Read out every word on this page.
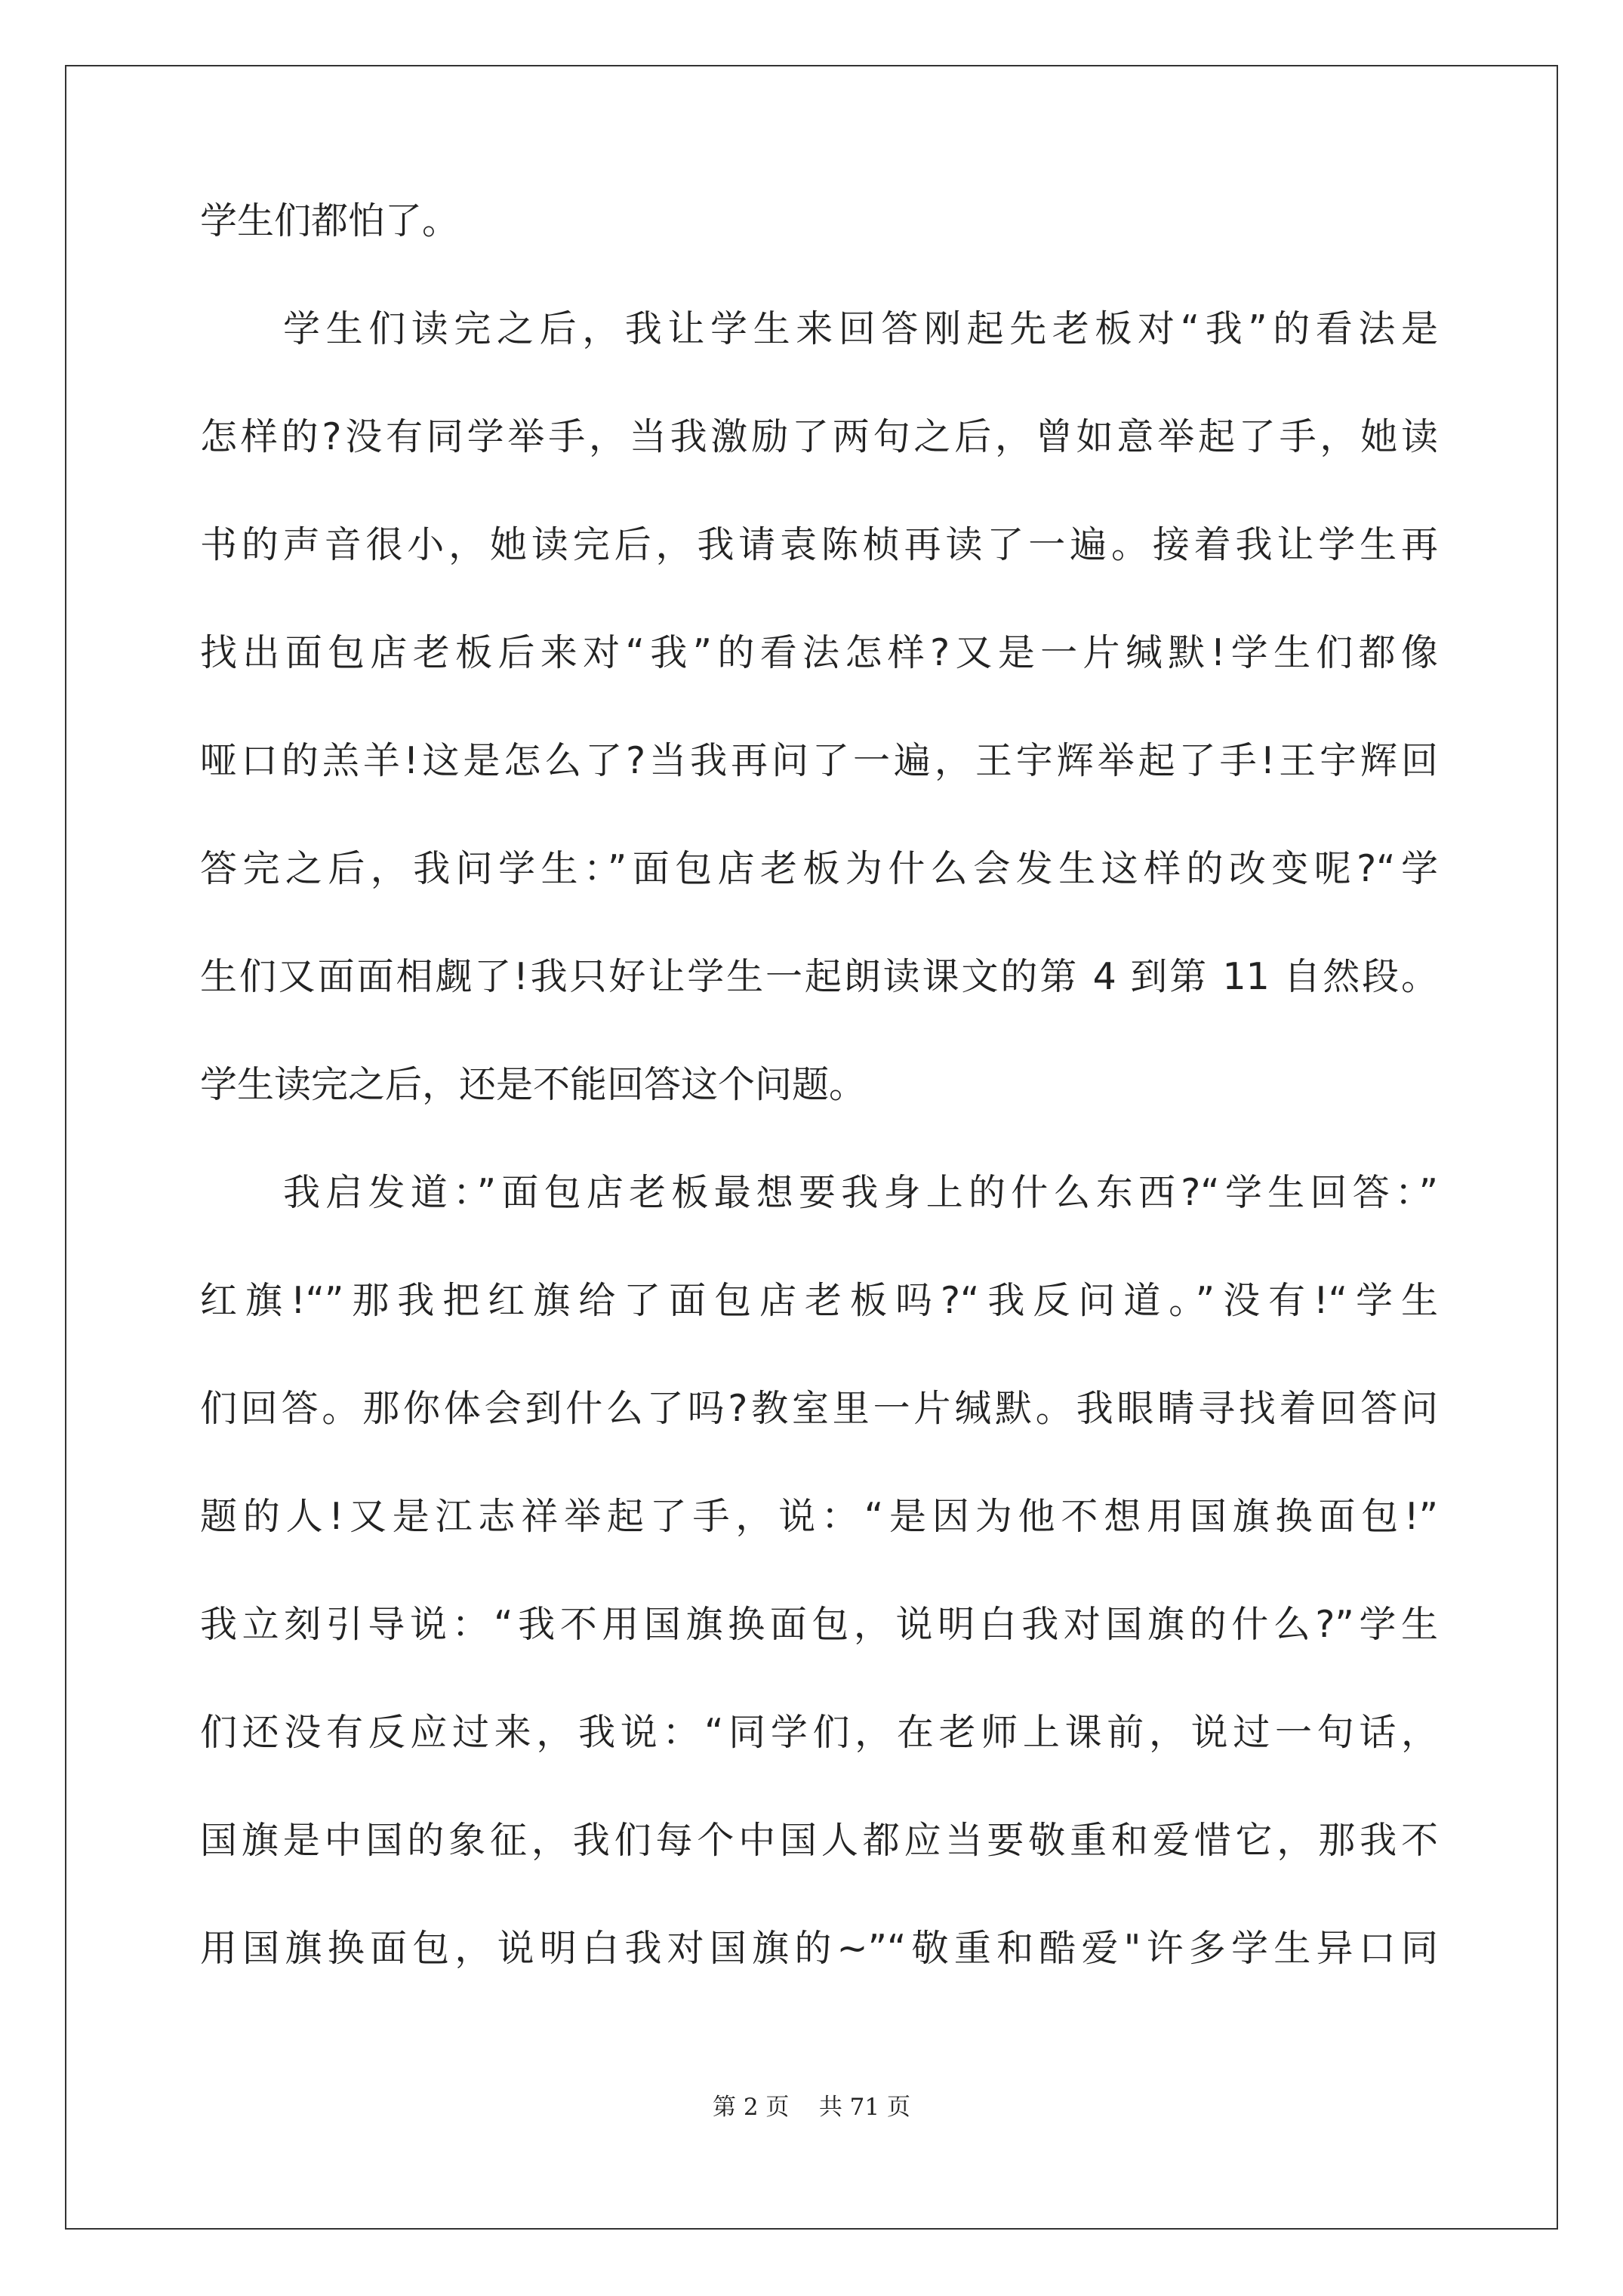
学生们都怕了。
学生们读完之后，我让学生来回答刚起先老板对“我”的看法是
怎样的?没有同学举手，当我激励了两句之后，曾如意举起了手，她读
书的声音很小，她读完后，我请袁陈桢再读了一遍。接着我让学生再
找出面包店老板后来对“我”的看法怎样?又是一片缄默!学生们都像
哑口的羔羊!这是怎么了?当我再问了一遍，王宇辉举起了手!王宇辉回
答完之后，我问学生：”面包店老板为什么会发生这样的改变呢?“学
生们又面面相觑了!我只好让学生一起朗读课文的第 4 到第 11 自然段。
学生读完之后，还是不能回答这个问题。
我启发道：”面包店老板最想要我身上的什么东西?“学生回答：”
红旗!“”那我把红旗给了面包店老板吗?“我反问道。”没有!“学生
们回答。那你体会到什么了吗?教室里一片缄默。我眼睛寻找着回答问
题的人!又是江志祥举起了手，说：“是因为他不想用国旗换面包!”
我立刻引导说：“我不用国旗换面包，说明白我对国旗的什么?”学生
们还没有反应过来，我说：“同学们，在老师上课前，说过一句话，
国旗是中国的象征，我们每个中国人都应当要敬重和爱惜它，那我不
用国旗换面包，说明白我对国旗的~”“敬重和酷爱"许多学生异口同
第 2 页    共 71 页
